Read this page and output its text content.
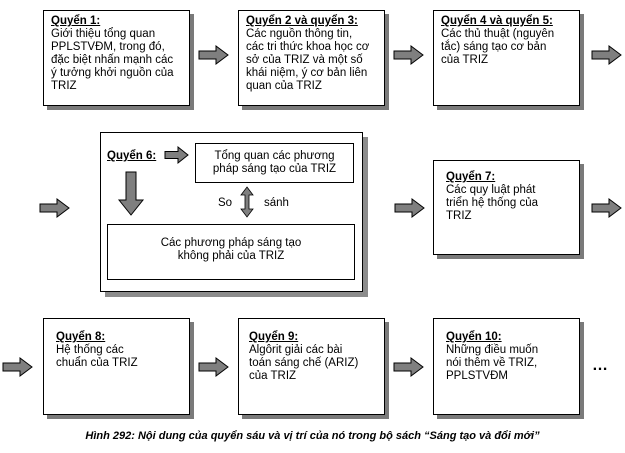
Quyển 1:
Giới thiệu tổng quan
PPLSTVĐM, trong đó,
đặc biệt nhấn mạnh các
ý tưởng khởi nguồn của
TRIZ
Quyển 2 và quyển 3:
Các nguồn thông tin,
các tri thức khoa học cơ
sở của TRIZ và một số
khái niệm, ý cơ bản liên
quan của TRIZ
Quyển 4 và quyển 5:
Các thủ thuật (nguyên
tắc) sáng tạo cơ bản
của TRIZ
Quyển 6:	Tổng quan các phương
pháp sáng tạo của TRIZ
So	sánh
Các phương pháp sáng tạo
không phải của TRIZ
Quyển 7:
Các quy luật phát
triển hệ thống của
TRIZ
Quyển 8:
Hệ thống các
chuẩn của TRIZ
Quyển 9:
Algôrit giải các bài
toán sáng chế (ARIZ)
của TRIZ
Quyển 10:
Những điều muốn
nói thêm về TRIZ,
PPLSTVĐM
…
Hình 292: Nội dung của quyển sáu và vị trí của nó trong bộ sách “Sáng tạo và đổi mới”
